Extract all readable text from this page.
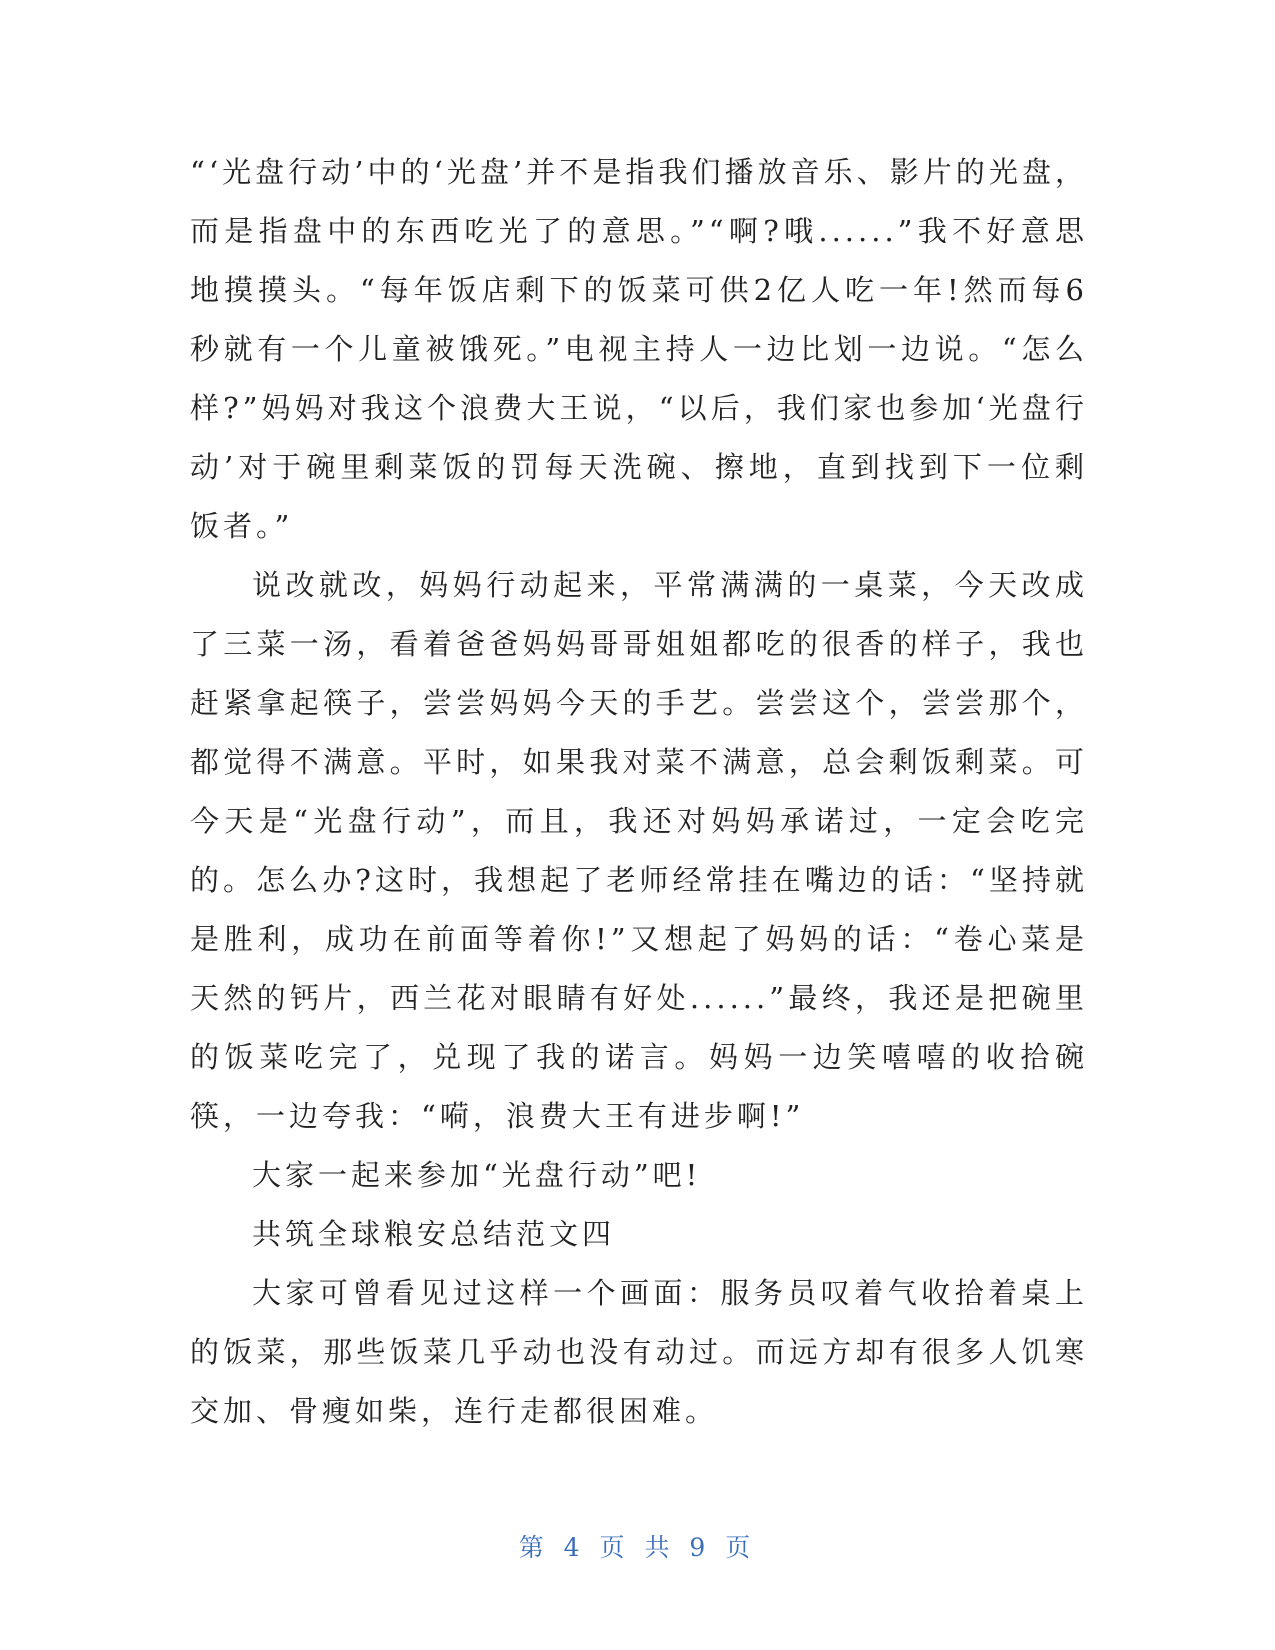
“‘光盘行动’中的‘光盘’并不是指我们播放音乐、影片的光盘，而是指盘中的东西吃光了的意思。”“啊?哦......”我不好意思地摸摸头。“每年饭店剩下的饭菜可供2亿人吃一年!然而每6秒就有一个儿童被饿死。”电视主持人一边比划一边说。“怎么样?”妈妈对我这个浪费大王说，“以后，我们家也参加‘光盘行动’对于碗里剩菜饭的罚每天洗碗、擦地，直到找到下一位剩饭者。”

说改就改，妈妈行动起来，平常满满的一桌菜，今天改成了三菜一汤，看着爸爸妈妈哥哥姐姐都吃的很香的样子，我也赶紧拿起筷子，尝尝妈妈今天的手艺。尝尝这个，尝尝那个，都觉得不满意。平时，如果我对菜不满意，总会剩饭剩菜。可今天是“光盘行动”，而且，我还对妈妈承诺过，一定会吃完的。怎么办?这时，我想起了老师经常挂在嘴边的话：“坚持就是胜利，成功在前面等着你!”又想起了妈妈的话：“卷心菜是天然的钙片，西兰花对眼睛有好处......”最终，我还是把碗里的饭菜吃完了，兑现了我的诺言。妈妈一边笑嘻嘻的收拾碗筷，一边夸我：“嗬，浪费大王有进步啊!”

大家一起来参加“光盘行动”吧!

共筑全球粮安总结范文四

大家可曾看见过这样一个画面：服务员叹着气收拾着桌上的饭菜，那些饭菜几乎动也没有动过。而远方却有很多人饥寒交加、骨瘦如柴，连行走都很困难。

第 4 页 共 9 页
